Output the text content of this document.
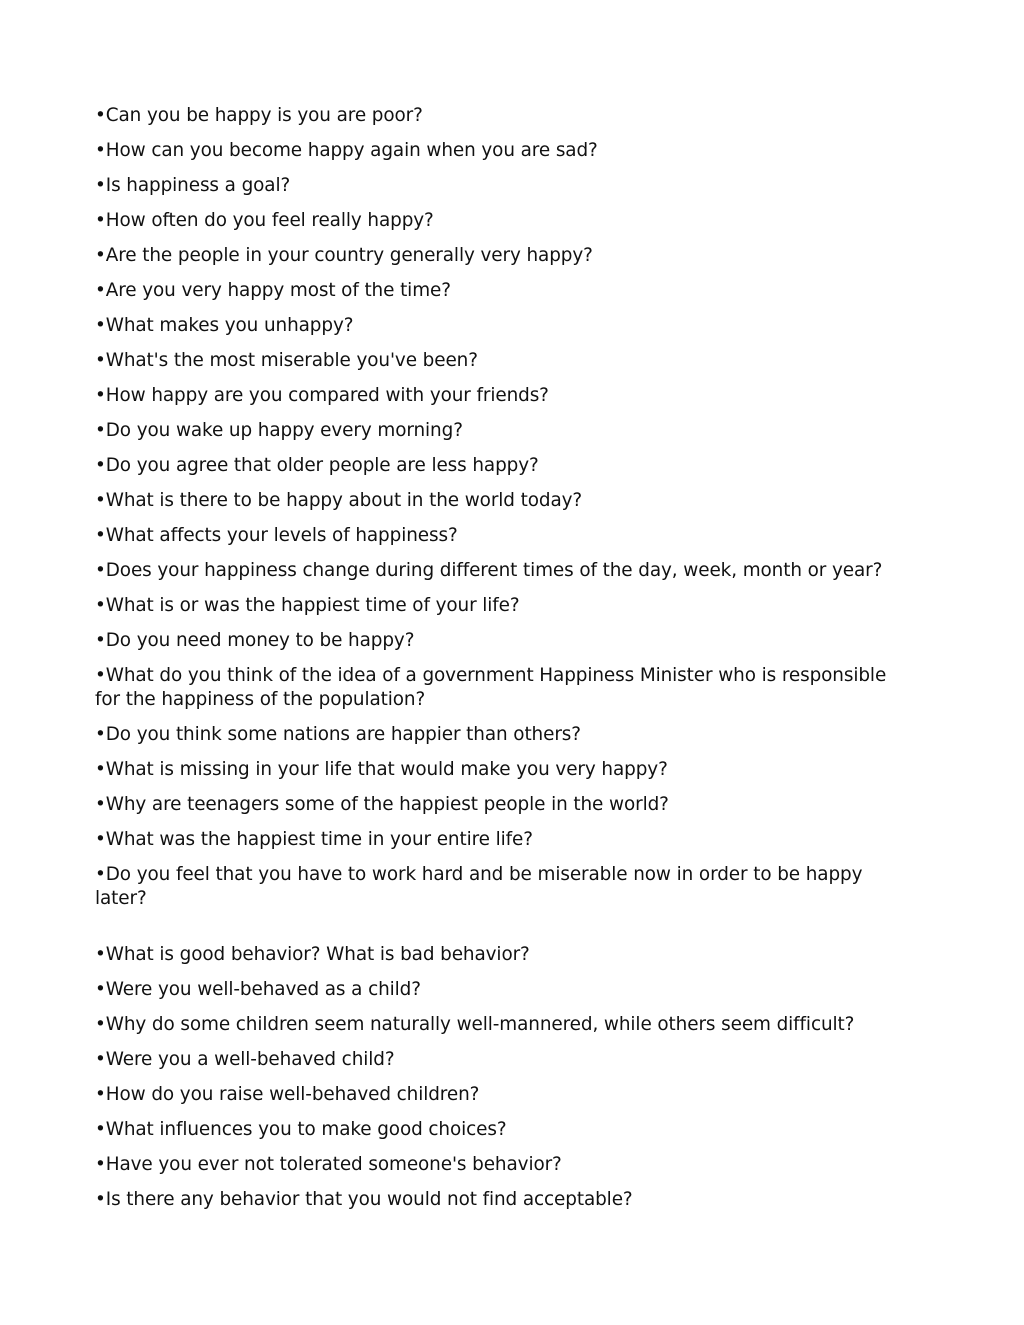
•Can you be happy is you are poor?
•How can you become happy again when you are sad?
•Is happiness a goal?
•How often do you feel really happy?
•Are the people in your country generally very happy?
•Are you very happy most of the time?
•What makes you unhappy?
•What's the most miserable you've been?
•How happy are you compared with your friends?
•Do you wake up happy every morning?
•Do you agree that older people are less happy?
•What is there to be happy about in the world today?
•What affects your levels of happiness?
•Does your happiness change during different times of the day, week, month or year?
•What is or was the happiest time of your life?
•Do you need money to be happy?
•What do you think of the idea of a government Happiness Minister who is responsible for the happiness of the population?
•Do you think some nations are happier than others?
•What is missing in your life that would make you very happy?
•Why are teenagers some of the happiest people in the world?
•What was the happiest time in your entire life?
•Do you feel that you have to work hard and be miserable now in order to be happy later?
•What is good behavior? What is bad behavior?
•Were you well-behaved as a child?
•Why do some children seem naturally well-mannered, while others seem difficult?
•Were you a well-behaved child?
•How do you raise well-behaved children?
•What influences you to make good choices?
•Have you ever not tolerated someone's behavior?
•Is there any behavior that you would not find acceptable?
